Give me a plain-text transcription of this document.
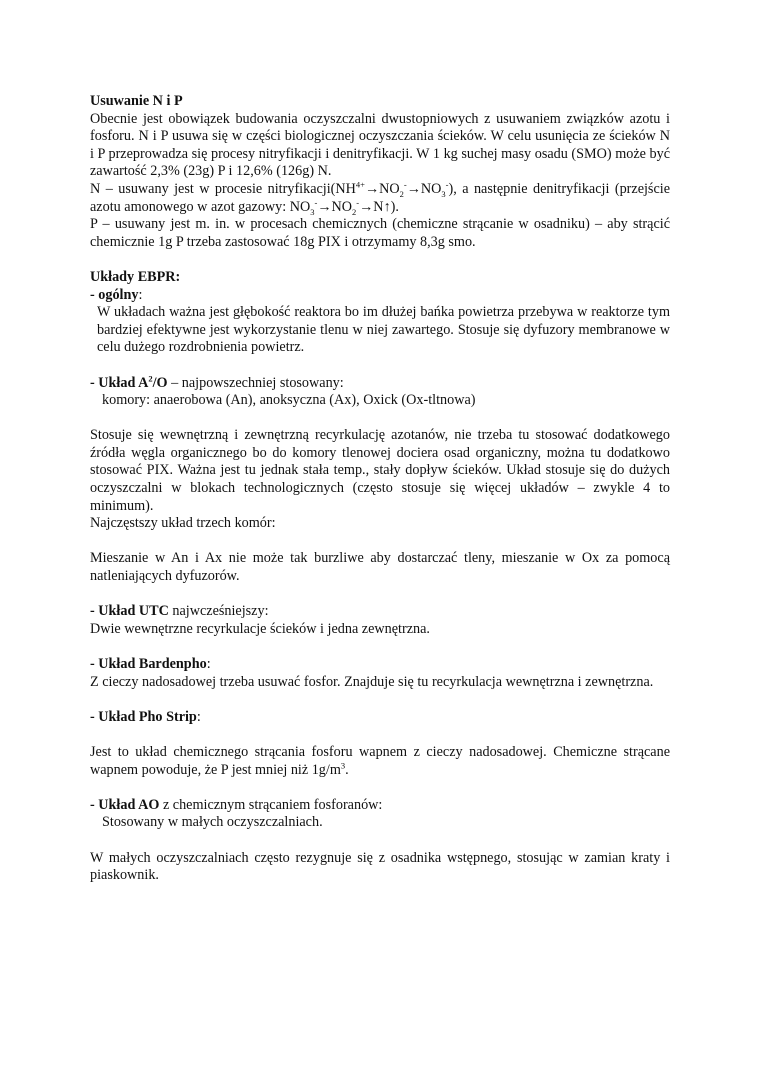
Usuwanie N i P

Obecnie jest obowiązek budowania oczyszczalni dwustopniowych z usuwaniem związków azotu i fosforu. N i P usuwa się w części biologicznej oczyszczania ścieków. W celu usunięcia ze ścieków N i P przeprowadza się procesy nitryfikacji i denitryfikacji. W 1 kg suchej masy osadu (SMO) może być zawartość 2,3% (23g) P i 12,6% (126g) N.

N – usuwany jest w procesie $nitryfikacji(NH^{4+}\to NO_2^-\to NO_3^-)$, a następnie denitryfikacji (przejście azotu amonowego w azot gazowy: $NO_3^-\to NO_2^-\to N↑$).

P – usuwany jest m. in. w procesach chemicznych (chemiczne strącanie w osadniku) – aby strącić chemicznie 1g P trzeba zastosować 18g PIX i otrzymamy 8,3g smo.

Układy EBPR:

- ogólny:

W układach ważna jest głębokość reaktora bo im dłużej bańka powietrza przebywa w reaktorze tym bardziej efektywne jest wykorzystanie tlenu w niej zawartego. Stosuje się dyfuzory membranowe w celu dużego rozdrobnienia powietrz.

- Układ $A^2/O$ – najpowszechniej stosowany:

komory: anaerobowa (An), anoksyczna (Ax), Oxick (Ox-tltnowa)

Stosuje się wewnętrzną i zewnętrzną recyrkulację azotanów, nie trzeba tu stosować dodatkowego źródła węgla organicznego bo do komory tlenowej dociera osad organiczny, można tu dodatkowo stosować PIX. Ważna jest tu jednak stała temp., stały dopływ ścieków. Układ stosuje się do dużych oczyszczalni w blokach technologicznych (często stosuje się więcej układów – zwykle 4 to minimum).

Najczęstszy układ trzech komór:

Mieszanie w An i Ax nie może tak burzliwe aby dostarczać tleny, mieszanie w Ox za pomocą natleniających dyfuzorów.

- Układ UTC najwcześniejszy:

Dwie wewnętrzne recyrkulacje ścieków i jedna zewnętrzna.

- Układ Bardenpho:

Z cieczy nadosadowej trzeba usuwać fosfor. Znajduje się tu recyrkulacja wewnętrzna i zewnętrzna.

- Układ Pho Strip:

Jest to układ chemicznego strącania fosforu wapnem z cieczy nadosadowej. Chemiczne strącane wapnem powoduje, że P jest mniej niż $1g/m^3$.

- Układ AO z chemicznym strącaniem fosforanów:

Stosowany w małych oczyszczalniach.

W małych oczyszczalniach często rezygnuje się z osadnika wstępnego, stosując w zamian kraty i piaskownik.
